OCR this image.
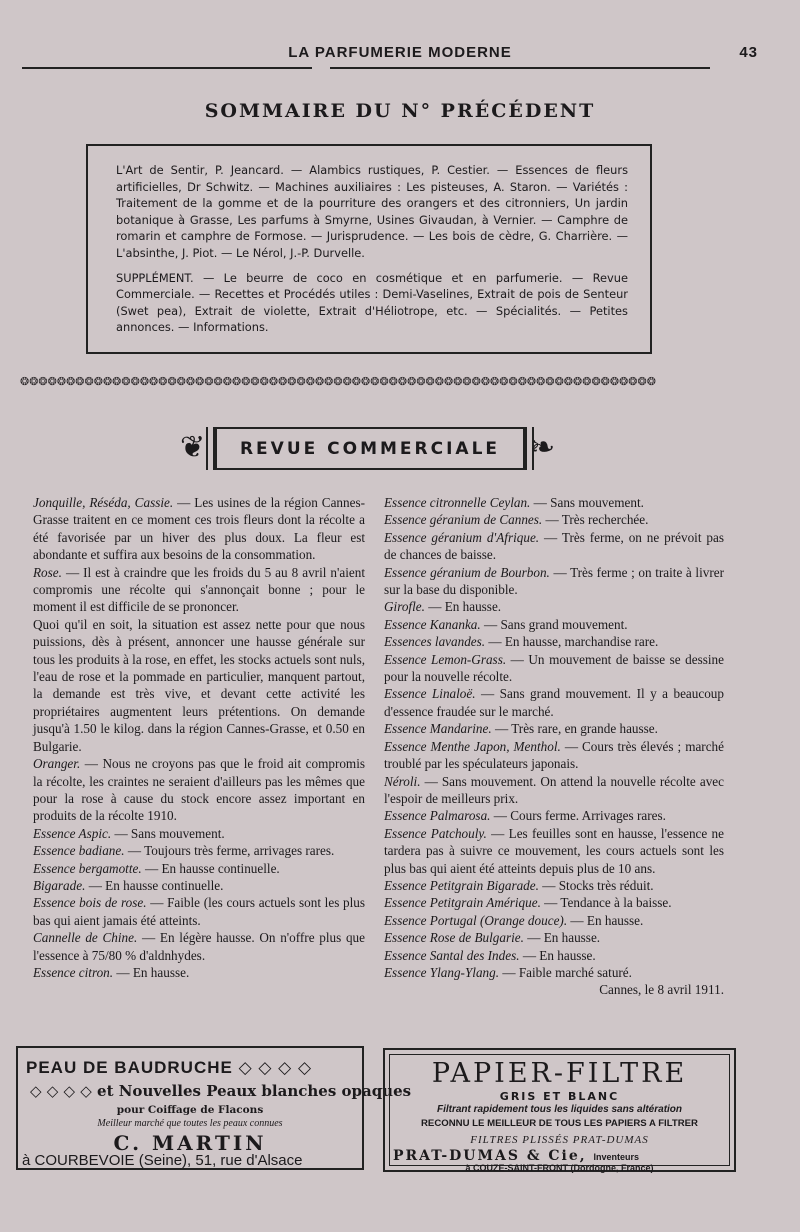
LA PARFUMERIE MODERNE	43
SOMMAIRE DU N° PRÉCÉDENT

L'Art de Sentir, P. Jeancard. — Alambics rustiques, P. Cestier. — Essences de fleurs artificielles, Dr Schwitz. — Machines auxiliaires : Les pisteuses, A. Staron. — Variétés : Traitement de la gomme et de la pourriture des orangers et des citronniers, Un jardin botanique à Grasse, Les parfums à Smyrne, Usines Givaudan, à Vernier. — Camphre de romarin et camphre de Formose. — Jurisprudence. — Les bois de cèdre, G. Charrière. — L'absinthe, J. Piot. — Le Nérol, J.-P. Durvelle.

SUPPLÉMENT. — Le beurre de coco en cosmétique et en parfumerie. — Revue Commerciale. — Recettes et Procédés utiles : Demi-Vaselines, Extrait de pois de Senteur (Swet pea), Extrait de violette, Extrait d'Héliotrope, etc. — Spécialités. — Petites annonces. — Informations.

❂❂❂❂❂❂❂❂❂❂❂❂❂❂❂❂❂❂❂❂❂❂❂❂❂❂❂❂❂❂❂❂❂❂❂❂❂❂❂❂❂❂❂❂❂❂❂❂❂❂❂❂❂❂❂❂❂❂❂❂❂❂❂❂❂❂❂❂❂
❦	REVUE COMMERCIALE ❧

Jonquille, Réséda, Cassie. — Les usines de la région Cannes-Grasse traitent en ce moment ces trois fleurs dont la récolte a été favorisée par un hiver des plus doux. La fleur est abondante et suffira aux besoins de la consommation.

Rose. — Il est à craindre que les froids du 5 au 8 avril n'aient compromis une récolte qui s'annonçait bonne ; pour le moment il est difficile de se prononcer.

Quoi qu'il en soit, la situation est assez nette pour que nous puissions, dès à présent, annoncer une hausse générale sur tous les produits à la rose, en effet, les stocks actuels sont nuls, l'eau de rose et la pommade en particulier, manquent partout, la demande est très vive, et devant cette activité les propriétaires augmentent leurs prétentions. On demande jusqu'à 1.50 le kilog. dans la région Cannes-Grasse, et 0.50 en Bulgarie.

Oranger. — Nous ne croyons pas que le froid ait compromis la récolte, les craintes ne seraient d'ailleurs pas les mêmes que pour la rose à cause du stock encore assez important en produits de la récolte 1910.

Essence Aspic. — Sans mouvement.

Essence badiane. — Toujours très ferme, arrivages rares.

Essence bergamotte. — En hausse continuelle.

Bigarade. — En hausse continuelle.

Essence bois de rose. — Faible (les cours actuels sont les plus bas qui aient jamais été atteints.

Cannelle de Chine. — En légère hausse. On n'offre plus que l'essence à 75/80 % d'aldnhydes.

Essence citron. — En hausse.

Essence citronnelle Ceylan. — Sans mouvement.

Essence géranium de Cannes. — Très recherchée.

Essence géranium d'Afrique. — Très ferme, on ne prévoit pas de chances de baisse.

Essence géranium de Bourbon. — Très ferme ; on traite à livrer sur la base du disponible.

Girofle. — En hausse.

Essence Kananka. — Sans grand mouvement.

Essences lavandes. — En hausse, marchandise rare.

Essence Lemon-Grass. — Un mouvement de baisse se dessine pour la nouvelle récolte.

Essence Linaloë. — Sans grand mouvement. Il y a beaucoup d'essence fraudée sur le marché.

Essence Mandarine. — Très rare, en grande hausse.

Essence Menthe Japon, Menthol. — Cours très élevés ; marché troublé par les spéculateurs japonais.

Néroli. — Sans mouvement. On attend la nouvelle récolte avec l'espoir de meilleurs prix.

Essence Palmarosa. — Cours ferme. Arrivages rares.

Essence Patchouly. — Les feuilles sont en hausse, l'essence ne tardera pas à suivre ce mouvement, les cours actuels sont les plus bas qui aient été atteints depuis plus de 10 ans.

Essence Petitgrain Bigarade. — Stocks très réduit.

Essence Petitgrain Amérique. — Tendance à la baisse.

Essence Portugal (Orange douce). — En hausse.

Essence Rose de Bulgarie. — En hausse.

Essence Santal des Indes. — En hausse.

Essence Ylang-Ylang. — Faible marché saturé.

Cannes, le 8 avril 1911.

PEAU DE BAUDRUCHE ◇ ◇ ◇ ◇
◇ ◇ ◇ ◇ et Nouvelles Peaux blanches opaques
pour Coiffage de Flacons
Meilleur marché que toutes les peaux connues
C. MARTIN
à COURBEVOIE (Seine), 51, rue d'Alsace
PAPIER-FILTRE
GRIS ET BLANC
Filtrant rapidement tous les liquides sans altération
RECONNU LE MEILLEUR DE TOUS LES PAPIERS A FILTRER
FILTRES PLISSÉS PRAT-DUMAS
PRAT-DUMAS & Cie, Inventeurs
à COUZE-SAINT-FRONT (Dordogne, France)
